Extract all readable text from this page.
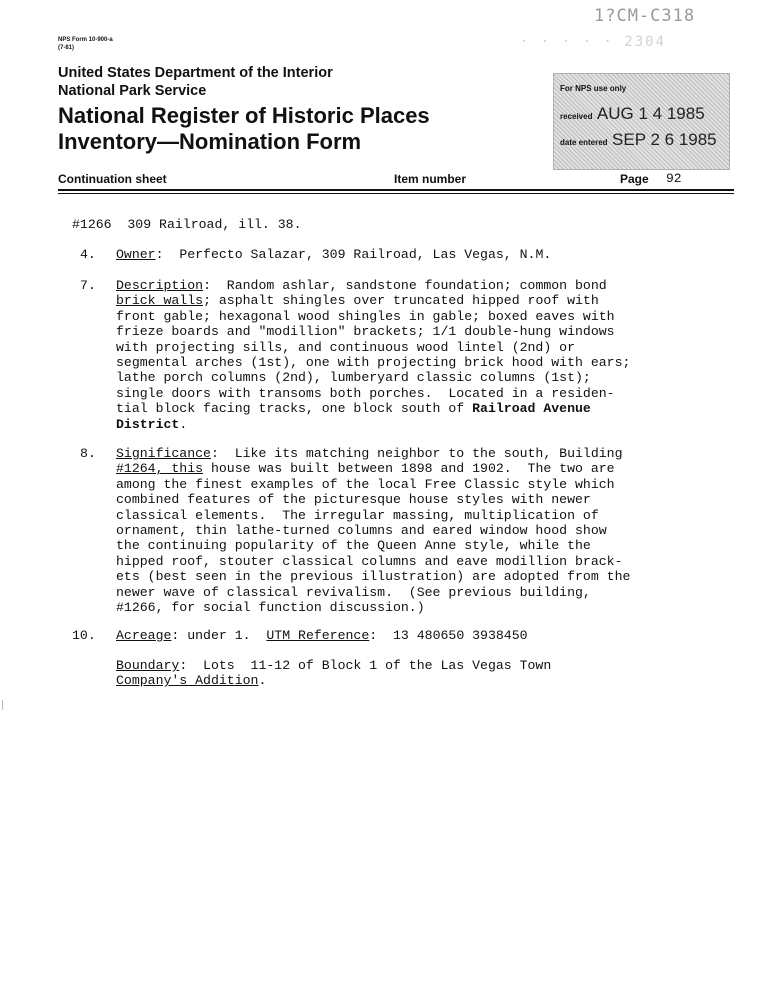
NPS Form 10-900-a
(7-81)
1?CM-C318
· · · · · 2304
United States Department of the Interior
National Park Service
National Register of Historic Places
Inventory—Nomination Form
For NPS use only
received AUG 1 4 1985
date entered SEP 2 6 1985
Continuation sheet	Item number	Page 92
#1266  309 Railroad, ill. 38.
4. Owner:  Perfecto Salazar, 309 Railroad, Las Vegas, N.M.
7. Description:  Random ashlar, sandstone foundation; common bond
brick walls; asphalt shingles over truncated hipped roof with
front gable; hexagonal wood shingles in gable; boxed eaves with
frieze boards and "modillion" brackets; 1/1 double-hung windows
with projecting sills, and continuous wood lintel (2nd) or
segmental arches (1st), one with projecting brick hood with ears;
lathe porch columns (2nd), lumberyard classic columns (1st);
single doors with transoms both porches.  Located in a residen-
tial block facing tracks, one block south of Railroad Avenue
District.
8. Significance:  Like its matching neighbor to the south, Building
#1264, this house was built between 1898 and 1902.  The two are
among the finest examples of the local Free Classic style which
combined features of the picturesque house styles with newer
classical elements.  The irregular massing, multiplication of
ornament, thin lathe-turned columns and eared window hood show
the continuing popularity of the Queen Anne style, while the
hipped roof, stouter classical columns and eave modillion brack-
ets (best seen in the previous illustration) are adopted from the
newer wave of classical revivalism.  (See previous building,
#1266, for social function discussion.)
10. Acreage: under 1.  UTM Reference:  13 480650 3938450
Boundary:  Lots  11-12 of Block 1 of the Las Vegas Town
Company's Addition.
